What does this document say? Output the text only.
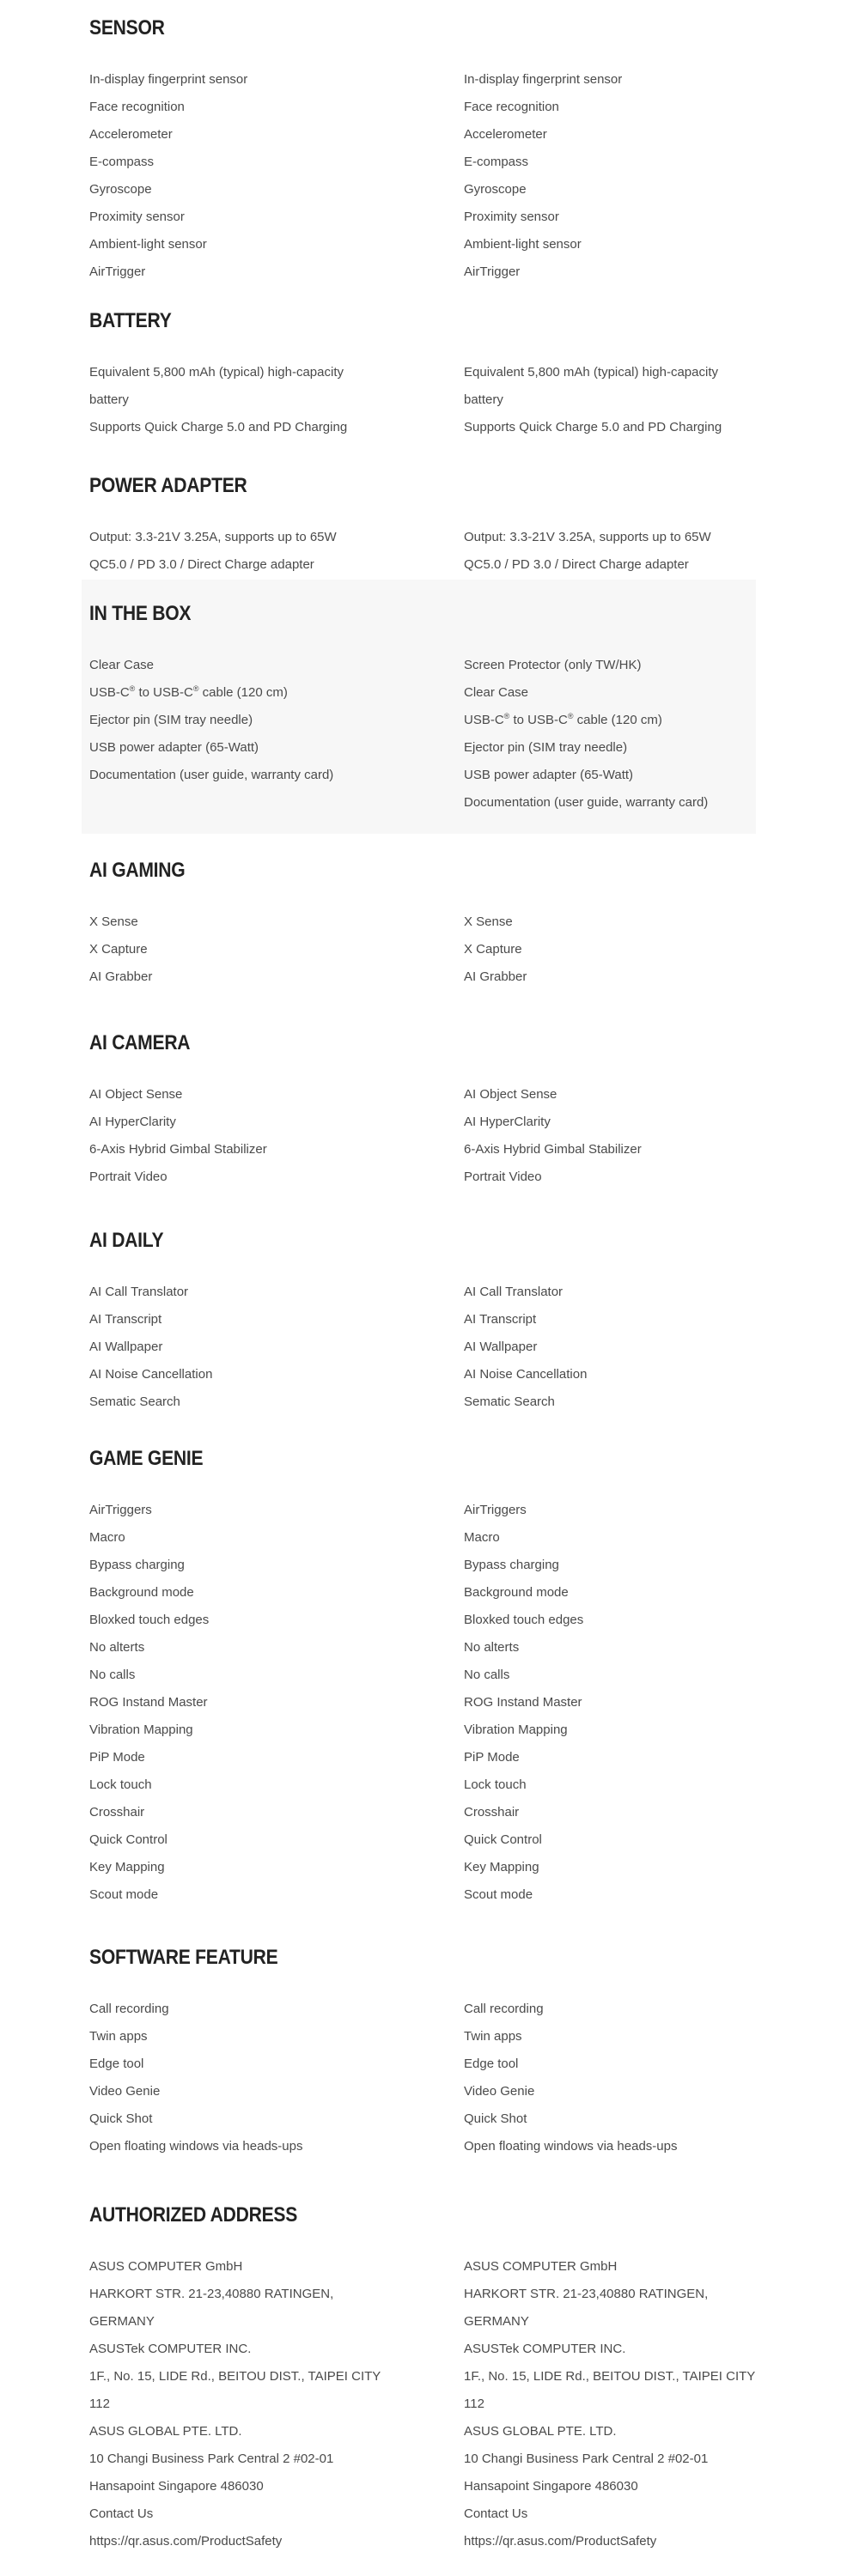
SENSOR

In-display fingerprint sensor

Face recognition

Accelerometer

E-compass

Gyroscope

Proximity sensor

Ambient-light sensor

AirTrigger

In-display fingerprint sensor

Face recognition

Accelerometer

E-compass

Gyroscope

Proximity sensor

Ambient-light sensor

AirTrigger

BATTERY

Equivalent 5,800 mAh (typical) high-capacity

battery

Supports Quick Charge 5.0 and PD Charging

Equivalent 5,800 mAh (typical) high-capacity

battery

Supports Quick Charge 5.0 and PD Charging

POWER ADAPTER

Output: 3.3-21V 3.25A, supports up to 65W

QC5.0 / PD 3.0 / Direct Charge adapter

Output: 3.3-21V 3.25A, supports up to 65W

QC5.0 / PD 3.0 / Direct Charge adapter

IN THE BOX

Clear Case

USB-C® to USB-C® cable (120 cm)

Ejector pin (SIM tray needle)

USB power adapter (65-Watt)

Documentation (user guide, warranty card)

Screen Protector (only TW/HK)

Clear Case

USB-C® to USB-C® cable (120 cm)

Ejector pin (SIM tray needle)

USB power adapter (65-Watt)

Documentation (user guide, warranty card)

AI GAMING

X Sense

X Capture

AI Grabber

X Sense

X Capture

AI Grabber

AI CAMERA

AI Object Sense

AI HyperClarity

6-Axis Hybrid Gimbal Stabilizer

Portrait Video

AI Object Sense

AI HyperClarity

6-Axis Hybrid Gimbal Stabilizer

Portrait Video

AI DAILY

AI Call Translator

AI Transcript

AI Wallpaper

AI Noise Cancellation

Sematic Search

AI Call Translator

AI Transcript

AI Wallpaper

AI Noise Cancellation

Sematic Search

GAME GENIE

AirTriggers

Macro

Bypass charging

Background mode

Bloxked touch edges

No alterts

No calls

ROG Instand Master

Vibration Mapping

PiP Mode

Lock touch

Crosshair

Quick Control

Key Mapping

Scout mode

AirTriggers

Macro

Bypass charging

Background mode

Bloxked touch edges

No alterts

No calls

ROG Instand Master

Vibration Mapping

PiP Mode

Lock touch

Crosshair

Quick Control

Key Mapping

Scout mode

SOFTWARE FEATURE

Call recording

Twin apps

Edge tool

Video Genie

Quick Shot

Open floating windows via heads-ups

Call recording

Twin apps

Edge tool

Video Genie

Quick Shot

Open floating windows via heads-ups

AUTHORIZED ADDRESS

ASUS COMPUTER GmbH

HARKORT STR. 21-23,40880 RATINGEN,

GERMANY

ASUSTek COMPUTER INC.

1F., No. 15, LIDE Rd., BEITOU DIST., TAIPEI CITY

112

ASUS GLOBAL PTE. LTD.

10 Changi Business Park Central 2 #02-01

Hansapoint Singapore 486030

Contact Us

https://qr.asus.com/ProductSafety

ASUS COMPUTER GmbH

HARKORT STR. 21-23,40880 RATINGEN,

GERMANY

ASUSTek COMPUTER INC.

1F., No. 15, LIDE Rd., BEITOU DIST., TAIPEI CITY

112

ASUS GLOBAL PTE. LTD.

10 Changi Business Park Central 2 #02-01

Hansapoint Singapore 486030

Contact Us

https://qr.asus.com/ProductSafety
